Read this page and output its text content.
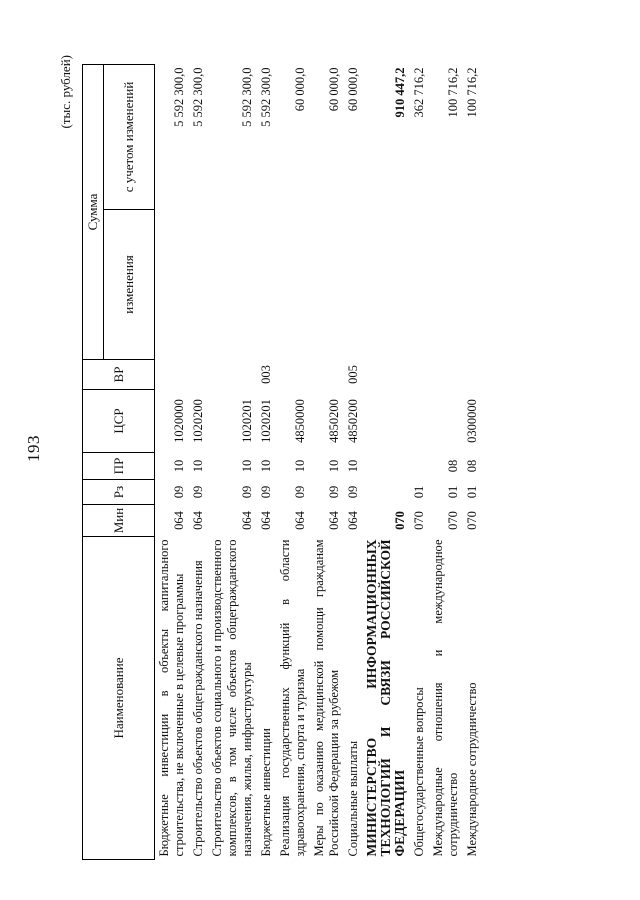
193
(тыс. рублей)
Наименование	Мин	Рз	ПР	ЦСР	ВР	Сумма	
						изменения	с учетом изменений
Бюджетные инвестиции в объекты капитального строительства, не включенные в целевые программы	064	09	10	1020000			5 592 300,0
Строительство объектов общегражданского назначения	064	09	10	1020200			5 592 300,0
Строительство объектов социального и производственного комплексов, в том числе объектов общегражданского назначения, жилья, инфраструктуры	064	09	10	1020201			5 592 300,0
Бюджетные инвестиции	064	09	10	1020201	003		5 592 300,0
Реализация государственных функций в области здравоохранения, спорта и туризма	064	09	10	4850000			60 000,0
Меры по оказанию медицинской помощи гражданам Российской Федерации за рубежом	064	09	10	4850200			60 000,0
Социальные выплаты	064	09	10	4850200	005		60 000,0
МИНИСТЕРСТВО ИНФОРМАЦИОННЫХ ТЕХНОЛОГИЙ И СВЯЗИ РОССИЙСКОЙ ФЕДЕРАЦИИ	070						910 447,2
Общегосударственные вопросы	070	01					362 716,2
Международные отношения и международное сотрудничество	070	01	08				100 716,2
Международное сотрудничество	070	01	08	0300000			100 716,2
